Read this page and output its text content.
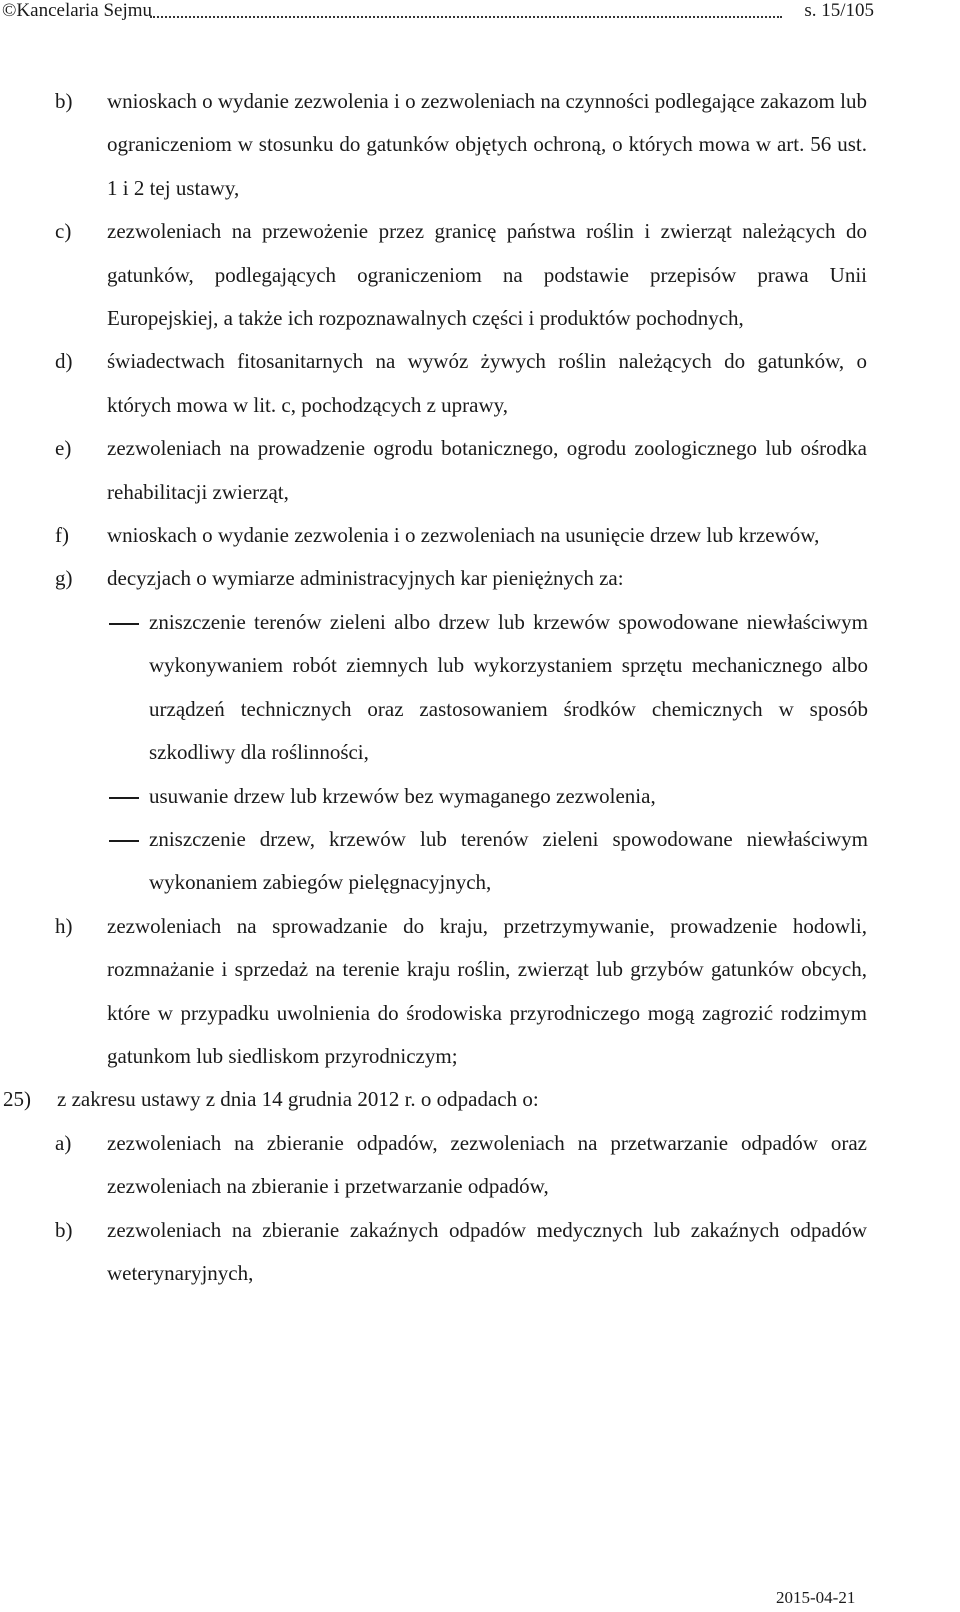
©Kancelaria Sejmu	s. 15/105
b) wnioskach o wydanie zezwolenia i o zezwoleniach na czynności podlegające zakazom lub ograniczeniom w stosunku do gatunków objętych ochroną, o których mowa w art. 56 ust. 1 i 2 tej ustawy,
c) zezwoleniach na przewożenie przez granicę państwa roślin i zwierząt należących do gatunków, podlegających ograniczeniom na podstawie przepisów prawa Unii Europejskiej, a także ich rozpoznawalnych części i produktów pochodnych,
d) świadectwach fitosanitarnych na wywóz żywych roślin należących do gatunków, o których mowa w lit. c, pochodzących z uprawy,
e) zezwoleniach na prowadzenie ogrodu botanicznego, ogrodu zoologicznego lub ośrodka rehabilitacji zwierząt,
f) wnioskach o wydanie zezwolenia i o zezwoleniach na usunięcie drzew lub krzewów,
g) decyzjach o wymiarze administracyjnych kar pieniężnych za:
zniszczenie terenów zieleni albo drzew lub krzewów spowodowane niewłaściwym wykonywaniem robót ziemnych lub wykorzystaniem sprzętu mechanicznego albo urządzeń technicznych oraz zastosowaniem środków chemicznych w sposób szkodliwy dla roślinności,
usuwanie drzew lub krzewów bez wymaganego zezwolenia,
zniszczenie drzew, krzewów lub terenów zieleni spowodowane niewłaściwym wykonaniem zabiegów pielęgnacyjnych,
h) zezwoleniach na sprowadzanie do kraju, przetrzymywanie, prowadzenie hodowli, rozmnażanie i sprzedaż na terenie kraju roślin, zwierząt lub grzybów gatunków obcych, które w przypadku uwolnienia do środowiska przyrodniczego mogą zagrozić rodzimym gatunkom lub siedliskom przyrodniczym;
25) z zakresu ustawy z dnia 14 grudnia 2012 r. o odpadach o:
a) zezwoleniach na zbieranie odpadów, zezwoleniach na przetwarzanie odpadów oraz zezwoleniach na zbieranie i przetwarzanie odpadów,
b) zezwoleniach na zbieranie zakaźnych odpadów medycznych lub zakaźnych odpadów weterynaryjnych,
2015-04-21
